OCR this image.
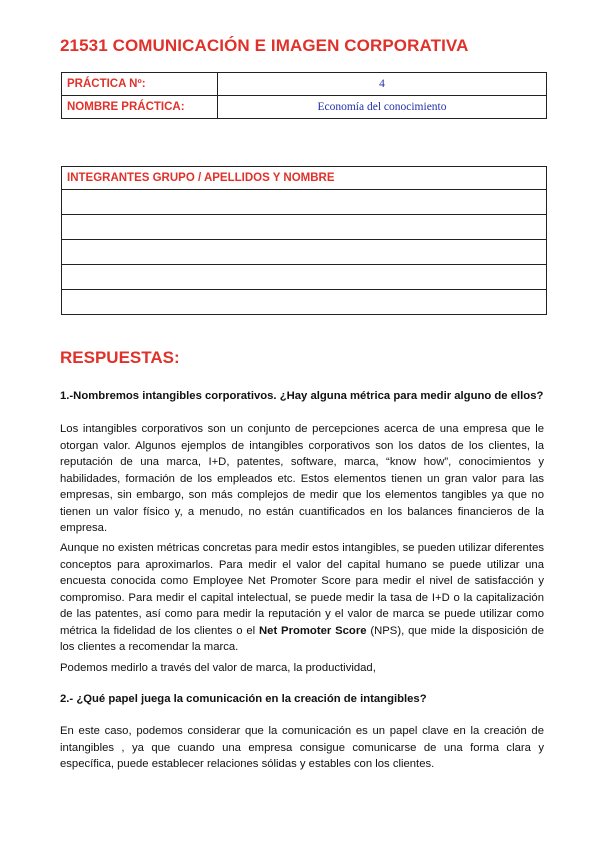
21531 COMUNICACIÓN E IMAGEN CORPORATIVA
PRÁCTICA Nº:	4
NOMBRE PRÁCTICA:	Economía del conocimiento
INTEGRANTES GRUPO / APELLIDOS Y NOMBRE

RESPUESTAS:

1.-Nombremos intangibles corporativos. ¿Hay alguna métrica para medir alguno de ellos?

Los intangibles corporativos son un conjunto de percepciones acerca de una empresa que le otorgan valor. Algunos ejemplos de intangibles corporativos son los datos de los clientes, la reputación de una marca, I+D, patentes, software, marca, “know how”, conocimientos y habilidades, formación de los empleados etc. Estos elementos tienen un gran valor para las empresas, sin embargo, son más complejos de medir que los elementos tangibles ya que no tienen un valor físico y, a menudo, no están cuantificados en los balances financieros de la empresa.

Aunque no existen métricas concretas para medir estos intangibles, se pueden utilizar diferentes conceptos para aproximarlos. Para medir el valor del capital humano se puede utilizar una encuesta conocida como Employee Net Promoter Score para medir el nivel de satisfacción y compromiso. Para medir el capital intelectual, se puede medir la tasa de I+D o la capitalización de las patentes, así como para medir la reputación y el valor de marca se puede utilizar como métrica la fidelidad de los clientes o el Net Promoter Score (NPS), que mide la disposición de los clientes a recomendar la marca.

Podemos medirlo a través del valor de marca, la productividad,

2.- ¿Qué papel juega la comunicación en la creación de intangibles?

En este caso, podemos considerar que la comunicación es un papel clave en la creación de intangibles , ya que cuando una empresa consigue comunicarse de una forma clara y específica, puede establecer relaciones sólidas y estables con los clientes.
